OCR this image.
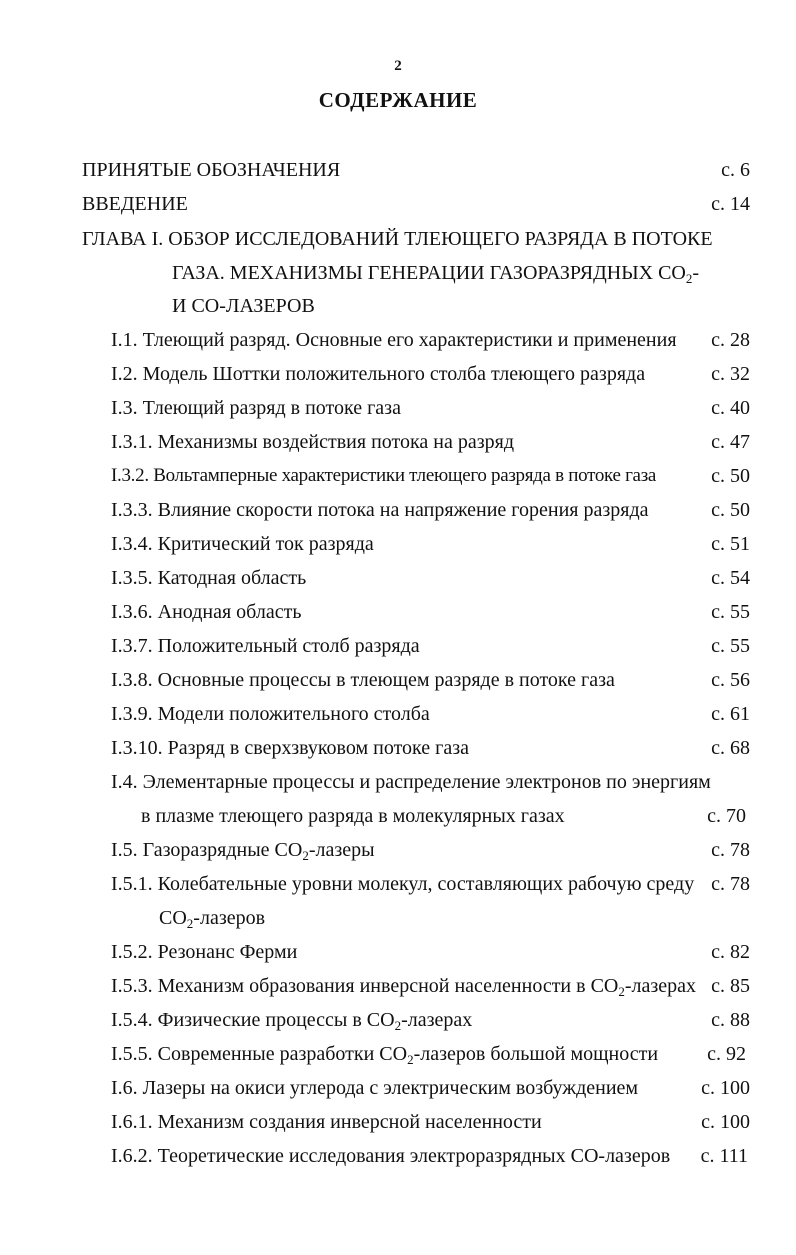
2
СОДЕРЖАНИЕ
ПРИНЯТЫЕ ОБОЗНАЧЕНИЯ	с. 6
ВВЕДЕНИЕ	с. 14
ГЛАВА I. ОБЗОР ИССЛЕДОВАНИЙ ТЛЕЮЩЕГО РАЗРЯДА В ПОТОКЕ
ГАЗА. МЕХАНИЗМЫ ГЕНЕРАЦИИ ГАЗОРАЗРЯДНЫХ $СО_2-$
И СО-ЛАЗЕРОВ
I.1. Тлеющий разряд. Основные его характеристики и применения с. 28
I.2. Модель Шоттки положительного столба тлеющего разряда	с. 32
I.3. Тлеющий разряд в потоке газа	с. 40
I.3.1. Механизмы воздействия потока на разряд	с. 47
I.3.2. Вольтамперные характеристики тлеющего разряда в потоке газа	с. 50
I.3.3. Влияние скорости потока на напряжение горения разряда	с. 50
I.3.4. Критический ток разряда	с. 51
I.3.5. Катодная область	с. 54
I.3.6. Анодная область	с. 55
I.3.7. Положительный столб разряда	с. 55
I.3.8. Основные процессы в тлеющем разряде в потоке газа	с. 56
I.3.9. Модели положительного столба	с. 61
I.3.10. Разряд в сверхзвуковом потоке газа	с. 68
I.4. Элементарные процессы и распределение электронов по энергиям
в плазме тлеющего разряда в молекулярных газах	с. 70
I.5. Газоразрядные $СО_2$-лазеры	с. 78
I.5.1. Колебательные уровни молекул, составляющих рабочую среду с. 78
$СО_2$-лазеров
I.5.2. Резонанс Ферми	с. 82
I.5.3. Механизм образования инверсной населенности в $СО_2$-лазерах с. 85
I.5.4. Физические процессы в $СО_2$-лазерах	с. 88
I.5.5. Современные разработки $СО_2$-лазеров большой мощности с. 92
I.6. Лазеры на окиси углерода с электрическим возбуждением	с. 100
I.6.1. Механизм создания инверсной населенности	с. 100
I.6.2. Теоретические исследования электроразрядных СО-лазеров с. 111
